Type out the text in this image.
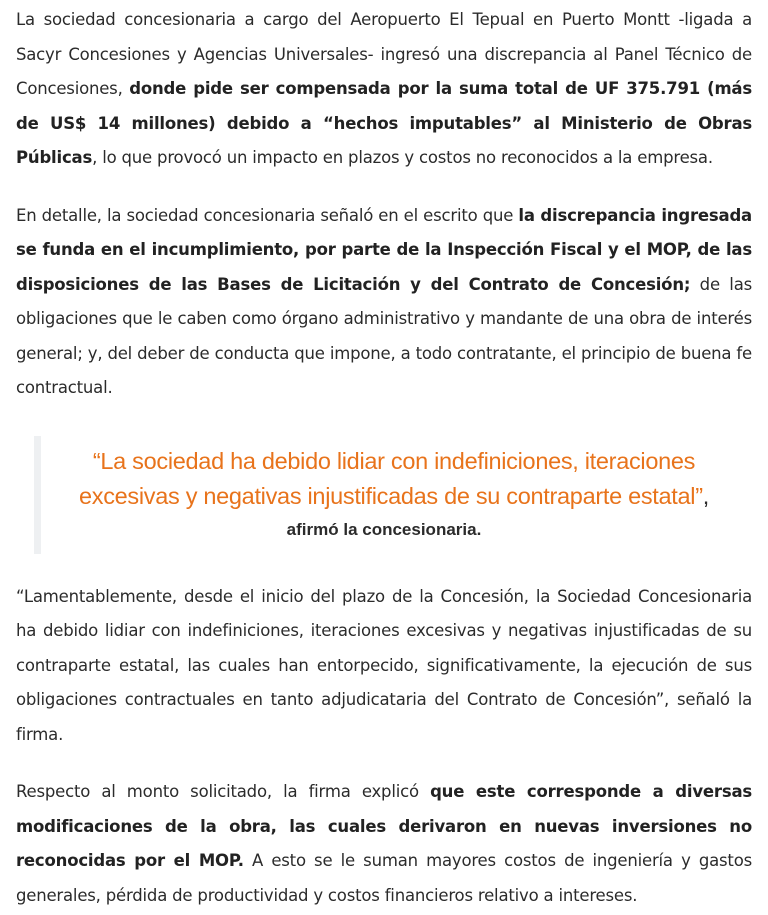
La sociedad concesionaria a cargo del Aeropuerto El Tepual en Puerto Montt -ligada a Sacyr Concesiones y Agencias Universales- ingresó una discrepancia al Panel Técnico de Concesiones, donde pide ser compensada por la suma total de UF 375.791 (más de US$ 14 millones) debido a “hechos imputables” al Ministerio de Obras Públicas, lo que provocó un impacto en plazos y costos no reconocidos a la empresa.

En detalle, la sociedad concesionaria señaló en el escrito que la discrepancia ingresada se funda en el incumplimiento, por parte de la Inspección Fiscal y el MOP, de las disposiciones de las Bases de Licitación y del Contrato de Concesión; de las obligaciones que le caben como órgano administrativo y mandante de una obra de interés general; y, del deber de conducta que impone, a todo contratante, el principio de buena fe contractual.

“La sociedad ha debido lidiar con indefiniciones, iteraciones excesivas y negativas injustificadas de su contraparte estatal”,
afirmó la concesionaria.

“Lamentablemente, desde el inicio del plazo de la Concesión, la Sociedad Concesionaria ha debido lidiar con indefiniciones, iteraciones excesivas y negativas injustificadas de su contraparte estatal, las cuales han entorpecido, significativamente, la ejecución de sus obligaciones contractuales en tanto adjudicataria del Contrato de Concesión”, señaló la firma.

Respecto al monto solicitado, la firma explicó que este corresponde a diversas modificaciones de la obra, las cuales derivaron en nuevas inversiones no reconocidas por el MOP. A esto se le suman mayores costos de ingeniería y gastos generales, pérdida de productividad y costos financieros relativo a intereses.
